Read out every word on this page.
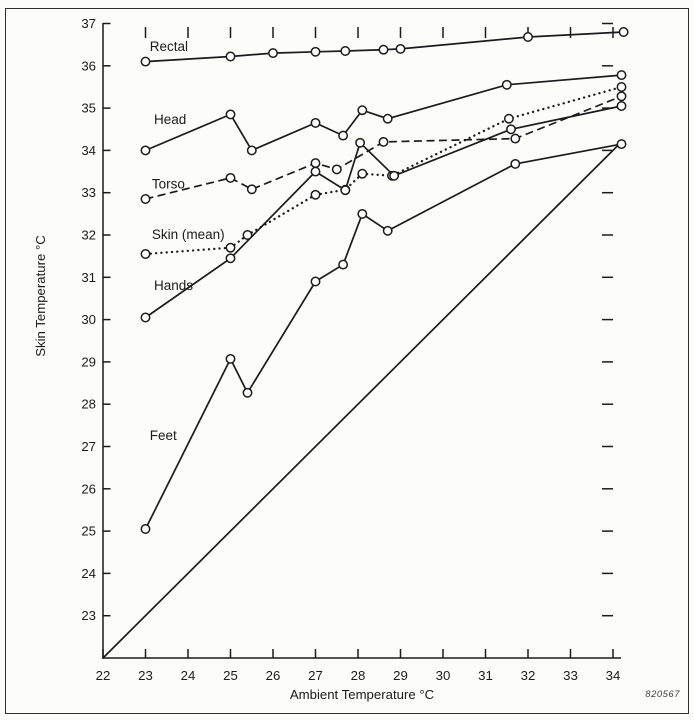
23
24
25
26
27
28
29
30
31
32
33
34
35
36
37
22 23 24 25 26 27 28 29 30 31 32 33 34
Ambient Temperature °C
Skin Temperature °C
Rectal
Head
Torso
Skin (mean)
Hands
Feet
820567
